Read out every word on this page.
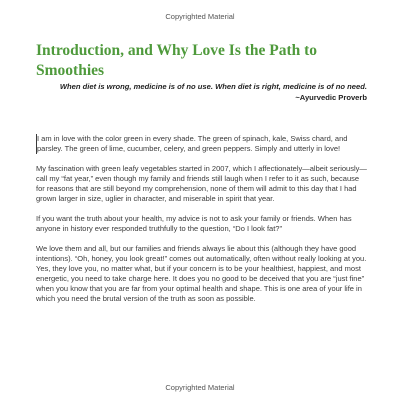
Copyrighted Material
Introduction, and Why Love Is the Path to Smoothies
When diet is wrong, medicine is of no use. When diet is right, medicine is of no need.
~Ayurvedic Proverb

I am in love with the color green in every shade. The green of spinach, kale, Swiss chard, and parsley. The green of lime, cucumber, celery, and green peppers. Simply and utterly in love!

My fascination with green leafy vegetables started in 2007, which I affectionately—albeit seriously—call my “fat year,” even though my family and friends still laugh when I refer to it as such, because for reasons that are still beyond my comprehension, none of them will admit to this day that I had grown larger in size, uglier in character, and miserable in spirit that year.

If you want the truth about your health, my advice is not to ask your family or friends. When has anyone in history ever responded truthfully to the question, “Do I look fat?”

We love them and all, but our families and friends always lie about this (although they have good intentions). “Oh, honey, you look great!” comes out automatically, often without really looking at you. Yes, they love you, no matter what, but if your concern is to be your healthiest, happiest, and most energetic, you need to take charge here. It does you no good to be deceived that you are “just fine” when you know that you are far from your optimal health and shape. This is one area of your life in which you need the brutal version of the truth as soon as possible.

Copyrighted Material
